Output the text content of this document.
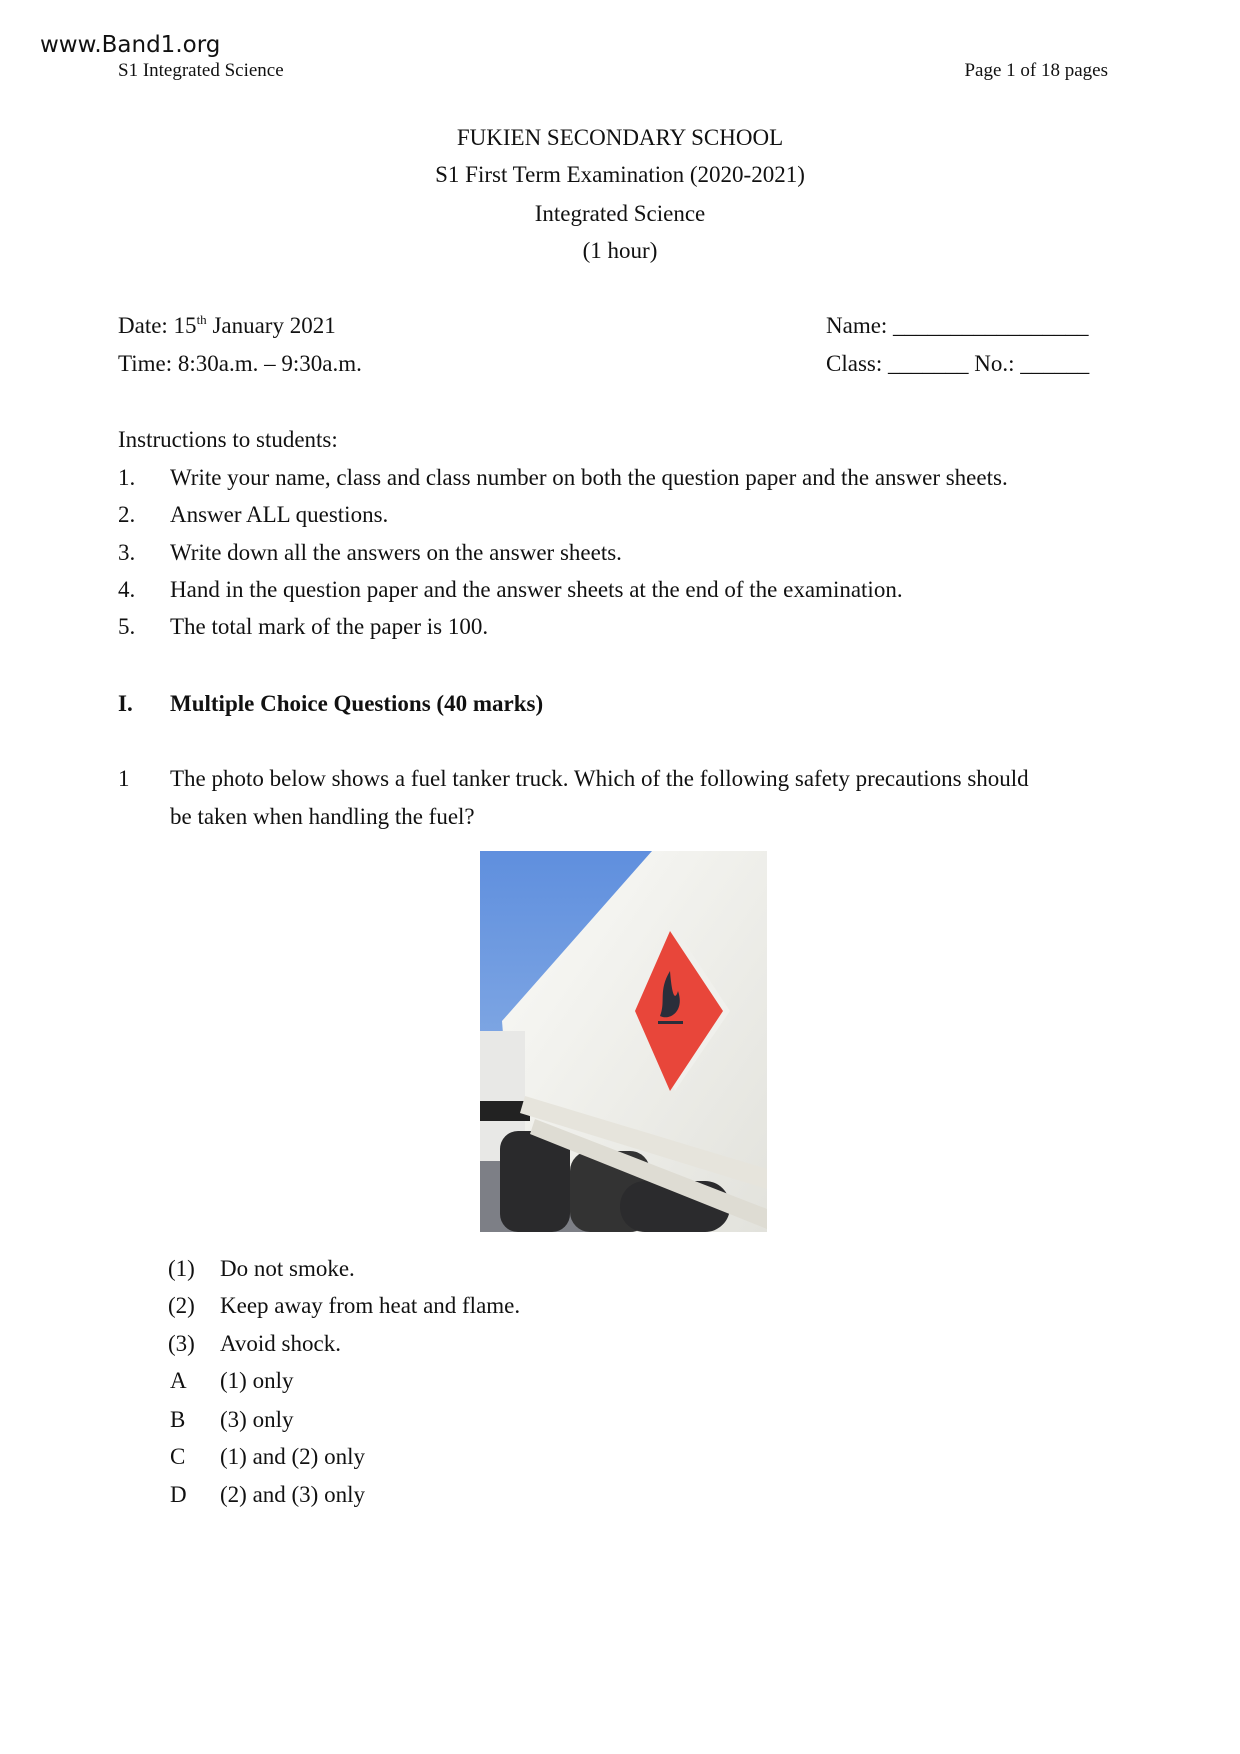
www.Band1.org
S1 Integrated Science	Page 1 of 18 pages
FUKIEN SECONDARY SCHOOL
S1 First Term Examination (2020-2021)
Integrated Science
(1 hour)
Date: 15th January 2021
Time: 8:30a.m. – 9:30a.m.
Name: _________________
Class: _______ No.: ______
Instructions to students:
1. Write your name, class and class number on both the question paper and the answer sheets.
2. Answer ALL questions.
3. Write down all the answers on the answer sheets.
4. Hand in the question paper and the answer sheets at the end of the examination.
5. The total mark of the paper is 100.
I. Multiple Choice Questions (40 marks)
1 The photo below shows a fuel tanker truck. Which of the following safety precautions should
be taken when handling the fuel?
(1) Do not smoke.
(2) Keep away from heat and flame.
(3) Avoid shock.
A (1) only
B (3) only
C (1) and (2) only
D (2) and (3) only
